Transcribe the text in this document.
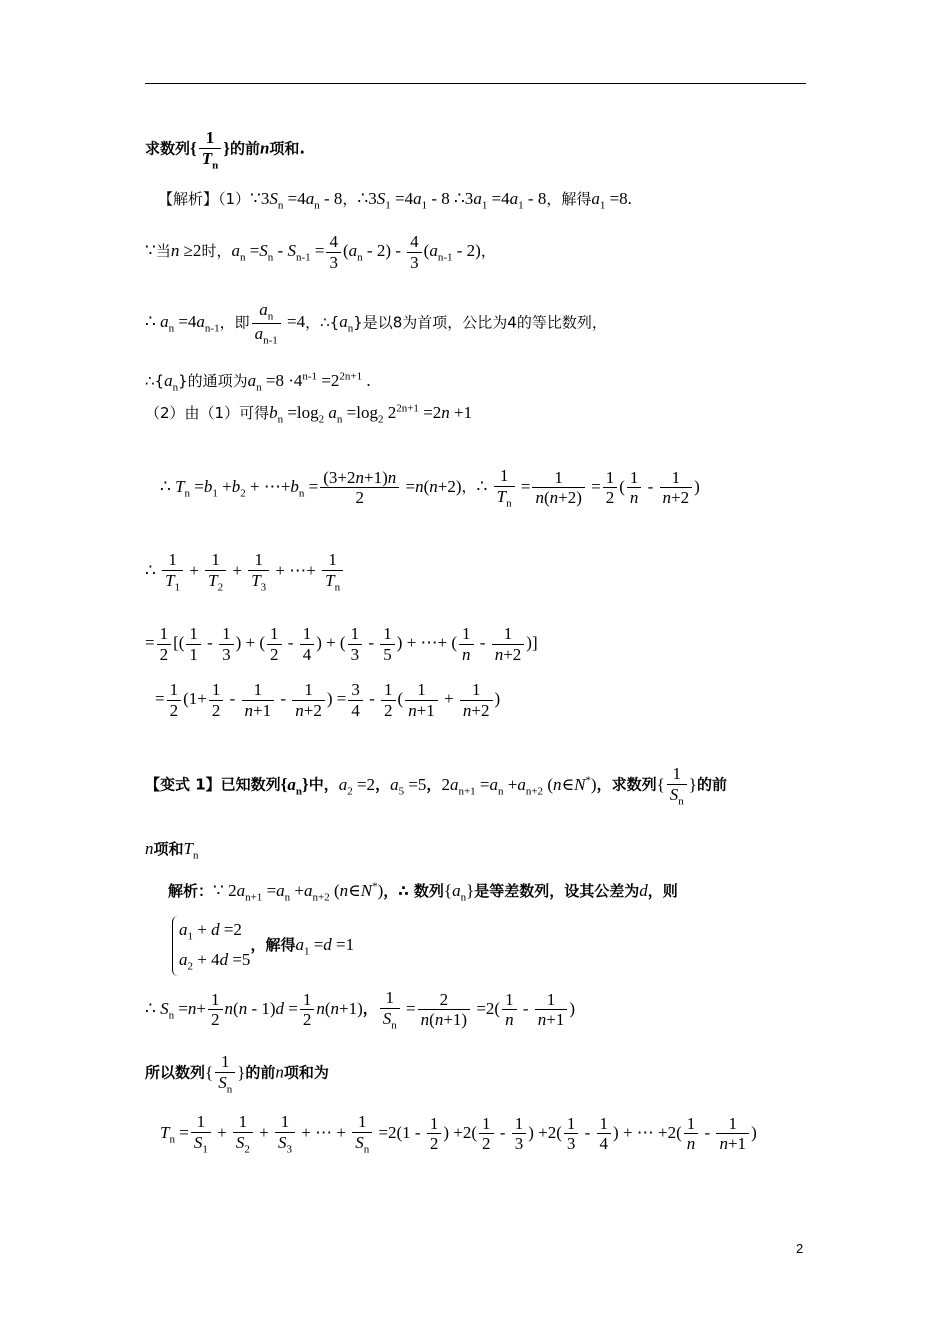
求数列{ $\frac{1}{T_n}$ }的前n项和.
【解析】$(1)\because 3S_n =4a_n - 8$，$\therefore 3S_1 =4a_1 - 8$ $\therefore 3a_1 =4a_1 - 8$，解得$a_1 =8$.
∵当n ≥2时，$a_n =S_n - S_{n-1} = \frac{4}{3} (a_n - 2) - \frac{4}{3} (a_{n-1} - 2)$，
∴ $a_n =4a_{n-1}$，即 $\frac{a_n}{a_{n-1}} =4$，$\therefore\{a_n\}$是以8为首项，公比为4的等比数列，
$\therefore\{a_n\}$的通项为$a_n =8 \cdot 4^{n-1} =2^{2n+1}$ .
（2）由（1）可得$b_n =\log_2$ $a_n =\log_2$ $2^{2n+1} =2n +1$
∴ $T_n =b_1 +b_2$ + $\cdots+b_n = \frac{(3+2n+1)n}{2} =n(n+2)$，∴ $\frac{1}{T_n} = \frac{1}{n(n+2)} = \frac{1}{2}$ ( $\frac{1}{n} - \frac{1}{n+2}$ )
∴ $\frac{1}{T_1} + \frac{1}{T_2} + \frac{1}{T_3}$ + ⋯+ $\frac{1}{T_n}$
= $\frac{1}{2}$ [( $\frac{1}{1} - \frac{1}{3}$ ) + ( $\frac{1}{2} - \frac{1}{4}$ ) + ( $\frac{1}{3} - \frac{1}{5}$ ) + ⋯+ ( $\frac{1}{n} - \frac{1}{n+2}$ )]
= $\frac{1}{2} (1+ \frac{1}{2} - \frac{1}{n+1} - \frac{1}{n+2}$ ) = $\frac{3}{4} - \frac{1}{2}$ ( $\frac{1}{n+1} + \frac{1}{n+2}$ )
【变式 1】已知数列$\{a_n\}$中，$a_2 =2$，$a_5 =5$，$2a_{n+1} =a_n +a_{n+2}$ (n∈N*)，求数列{ $\frac{1}{S_n}$ }的前
n项和$T_n$
解析：∵ $2a_{n+1} =a_n +a_{n+2}$ (n∈N*)，∴ 数列$\{a_n\}$是等差数列，设其公差为d，则
$a_1 + d =2$
$a_2 + 4d =5$
，解得$a_1 =d =1$
∴ $S_n =n+ \frac{1}{2} n(n - 1)d = \frac{1}{2} n(n+1)$， $\frac{1}{S_n} = \frac{2}{n(n+1)} =2( \frac{1}{n} - \frac{1}{n+1}$ )
所以数列{ $\frac{1}{S_n}$ }的前n项和为
$T_n = \frac{1}{S_1} + \frac{1}{S_2} + \frac{1}{S_3}$ + ⋯ + $\frac{1}{S_n} =2(1 - \frac{1}{2}$ ) $+2( \frac{1}{2} - \frac{1}{3}$ ) $+2( \frac{1}{3} - \frac{1}{4}$ ) + ⋯ $+2( \frac{1}{n} - \frac{1}{n+1}$ )
2
